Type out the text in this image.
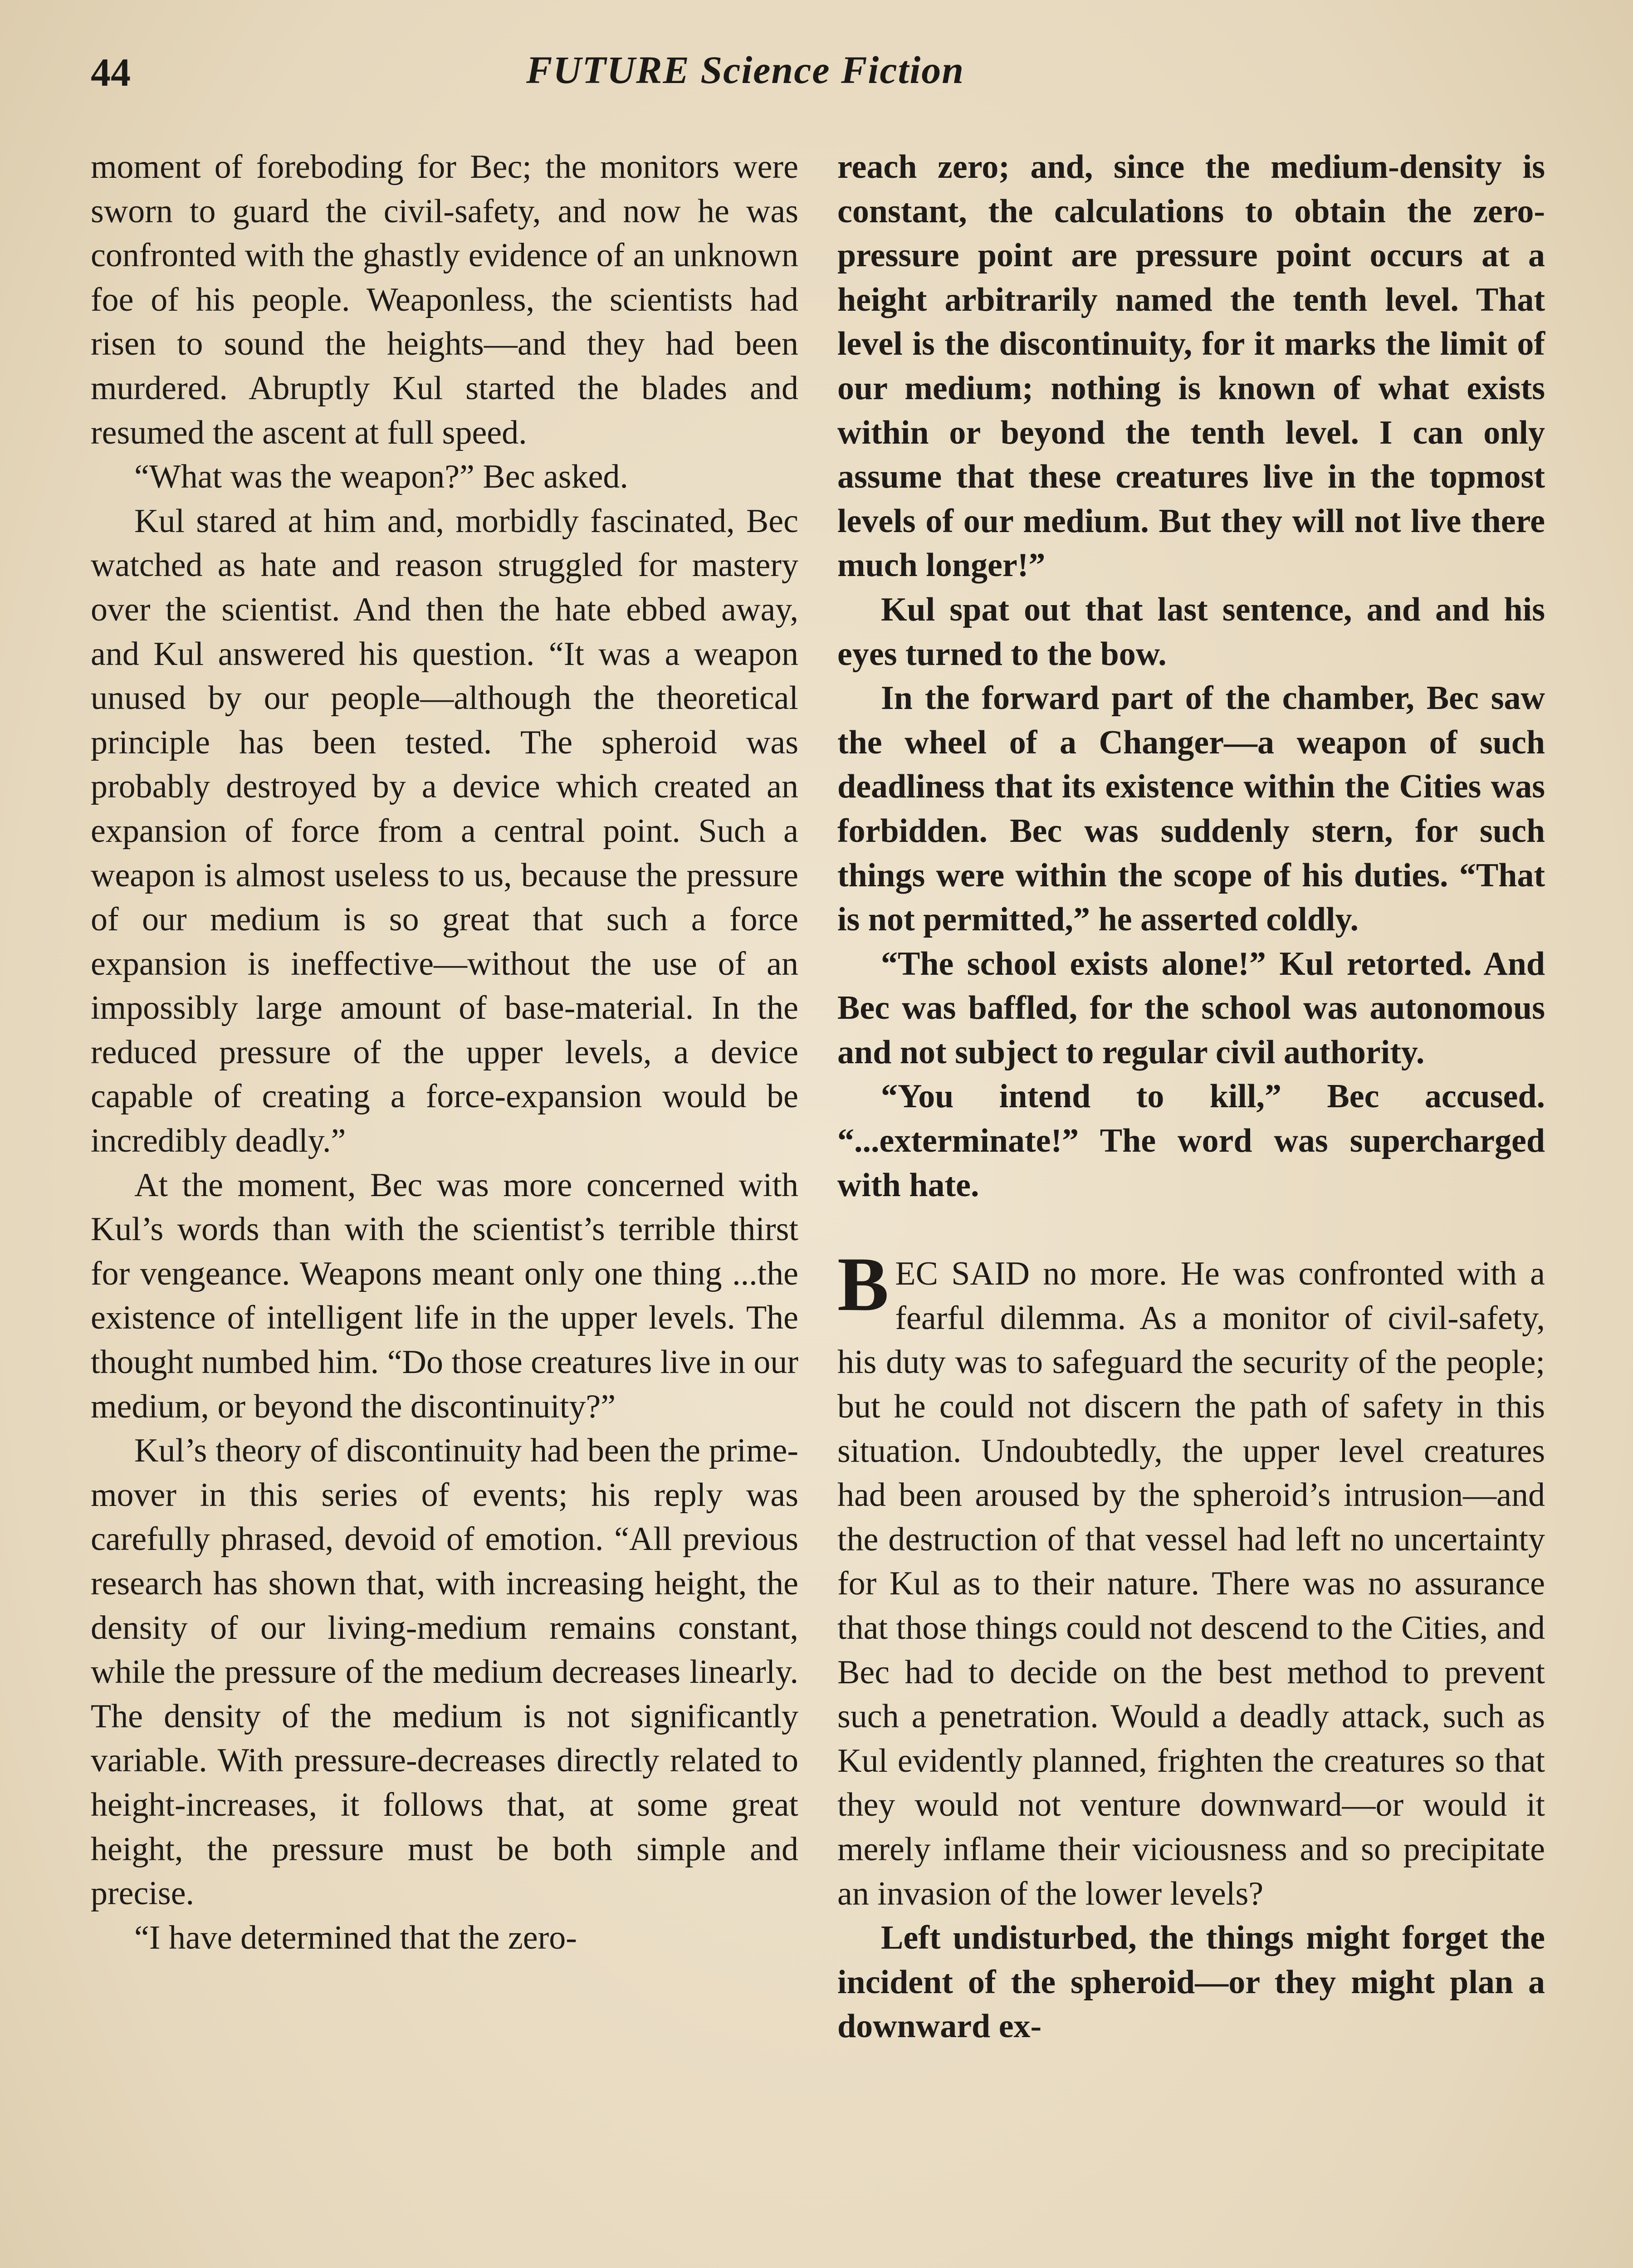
44	FUTURE Science Fiction

moment of foreboding for Bec; the monitors were sworn to guard the civil-safety, and now he was confronted with the ghastly evidence of an unknown foe of his people. Weaponless, the scientists had risen to sound the heights—and they had been murdered. Abruptly Kul started the blades and resumed the ascent at full speed.

“What was the weapon?” Bec asked.

Kul stared at him and, morbidly fascinated, Bec watched as hate and reason struggled for mastery over the scientist. And then the hate ebbed away, and Kul answered his question. “It was a weapon unused by our people—although the theoretical principle has been tested. The spheroid was probably destroyed by a device which created an expansion of force from a central point. Such a weapon is almost useless to us, because the pressure of our medium is so great that such a force expansion is ineffective—without the use of an impossibly large amount of base-material. In the reduced pressure of the upper levels, a device capable of creating a force-expansion would be incredibly deadly.”

At the moment, Bec was more concerned with Kul’s words than with the scientist’s terrible thirst for vengeance. Weapons meant only one thing ...the existence of intelligent life in the upper levels. The thought numbed him. “Do those creatures live in our medium, or beyond the discontinuity?”

Kul’s theory of discontinuity had been the prime-mover in this series of events; his reply was carefully phrased, devoid of emotion. “All previous research has shown that, with increasing height, the density of our living-medium remains constant, while the pressure of the medium decreases linearly. The density of the medium is not significantly variable. With pressure-decreases directly related to height-increases, it follows that, at some great height, the pressure must be both simple and precise.

“I have determined that the zero-

reach zero; and, since the medium-density is constant, the calculations to obtain the zero-pressure point are pressure point occurs at a height arbitrarily named the tenth level. That level is the discontinuity, for it marks the limit of our medium; nothing is known of what exists within or beyond the tenth level. I can only assume that these creatures live in the topmost levels of our medium. But they will not live there much longer!”

Kul spat out that last sentence, and and his eyes turned to the bow.

In the forward part of the chamber, Bec saw the wheel of a Changer—a weapon of such deadliness that its existence within the Cities was forbidden. Bec was suddenly stern, for such things were within the scope of his duties. “That is not permitted,” he asserted coldly.

“The school exists alone!” Kul retorted. And Bec was baffled, for the school was autonomous and not subject to regular civil authority.

“You intend to kill,” Bec accused. “...exterminate!” The word was supercharged with hate.

BEC SAID no more. He was confronted with a fearful dilemma. As a monitor of civil-safety, his duty was to safeguard the security of the people; but he could not discern the path of safety in this situation. Undoubtedly, the upper level creatures had been aroused by the spheroid’s intrusion—and the destruction of that vessel had left no uncertainty for Kul as to their nature. There was no assurance that those things could not descend to the Cities, and Bec had to decide on the best method to prevent such a penetration. Would a deadly attack, such as Kul evidently planned, frighten the creatures so that they would not venture downward—or would it merely inflame their viciousness and so precipitate an invasion of the lower levels?

Left undisturbed, the things might forget the incident of the spheroid—or they might plan a downward ex-
